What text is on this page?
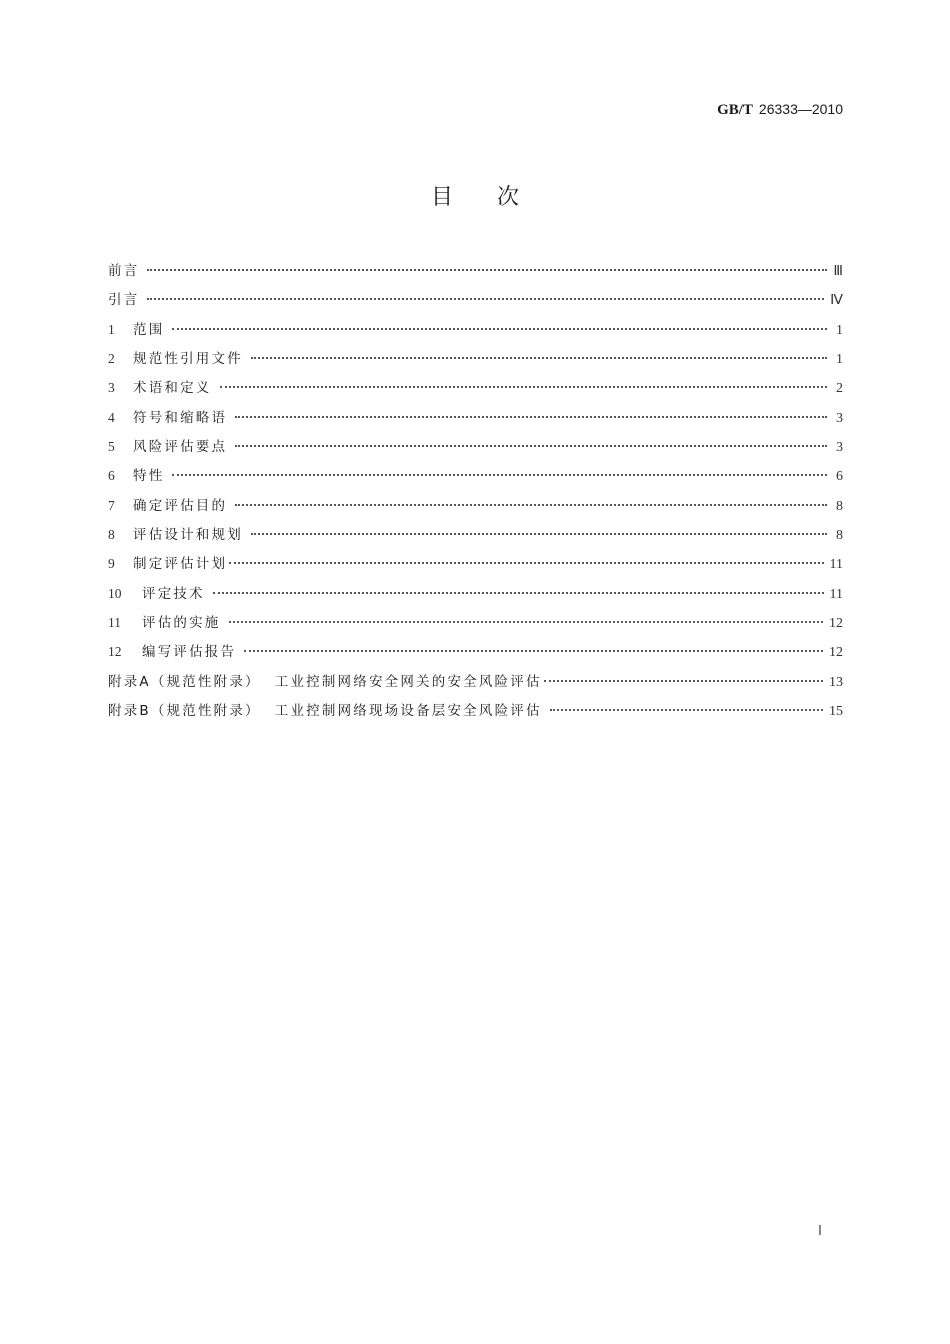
GB/T 26333—2010
目 次
前言	Ⅲ
引言	Ⅳ
1	范围	1
2	规范性引用文件	1
3	术语和定义	2
4	符号和缩略语	3
5	风险评估要点	3
6	特性	6
7	确定评估目的	8
8	评估设计和规划	8
9	制定评估计划	11
10	评定技术	11
11	评估的实施	12
12	编写评估报告	12
附录A（规范性附录） 工业控制网络安全网关的安全风险评估	13
附录B（规范性附录） 工业控制网络现场设备层安全风险评估	15
Ⅰ
